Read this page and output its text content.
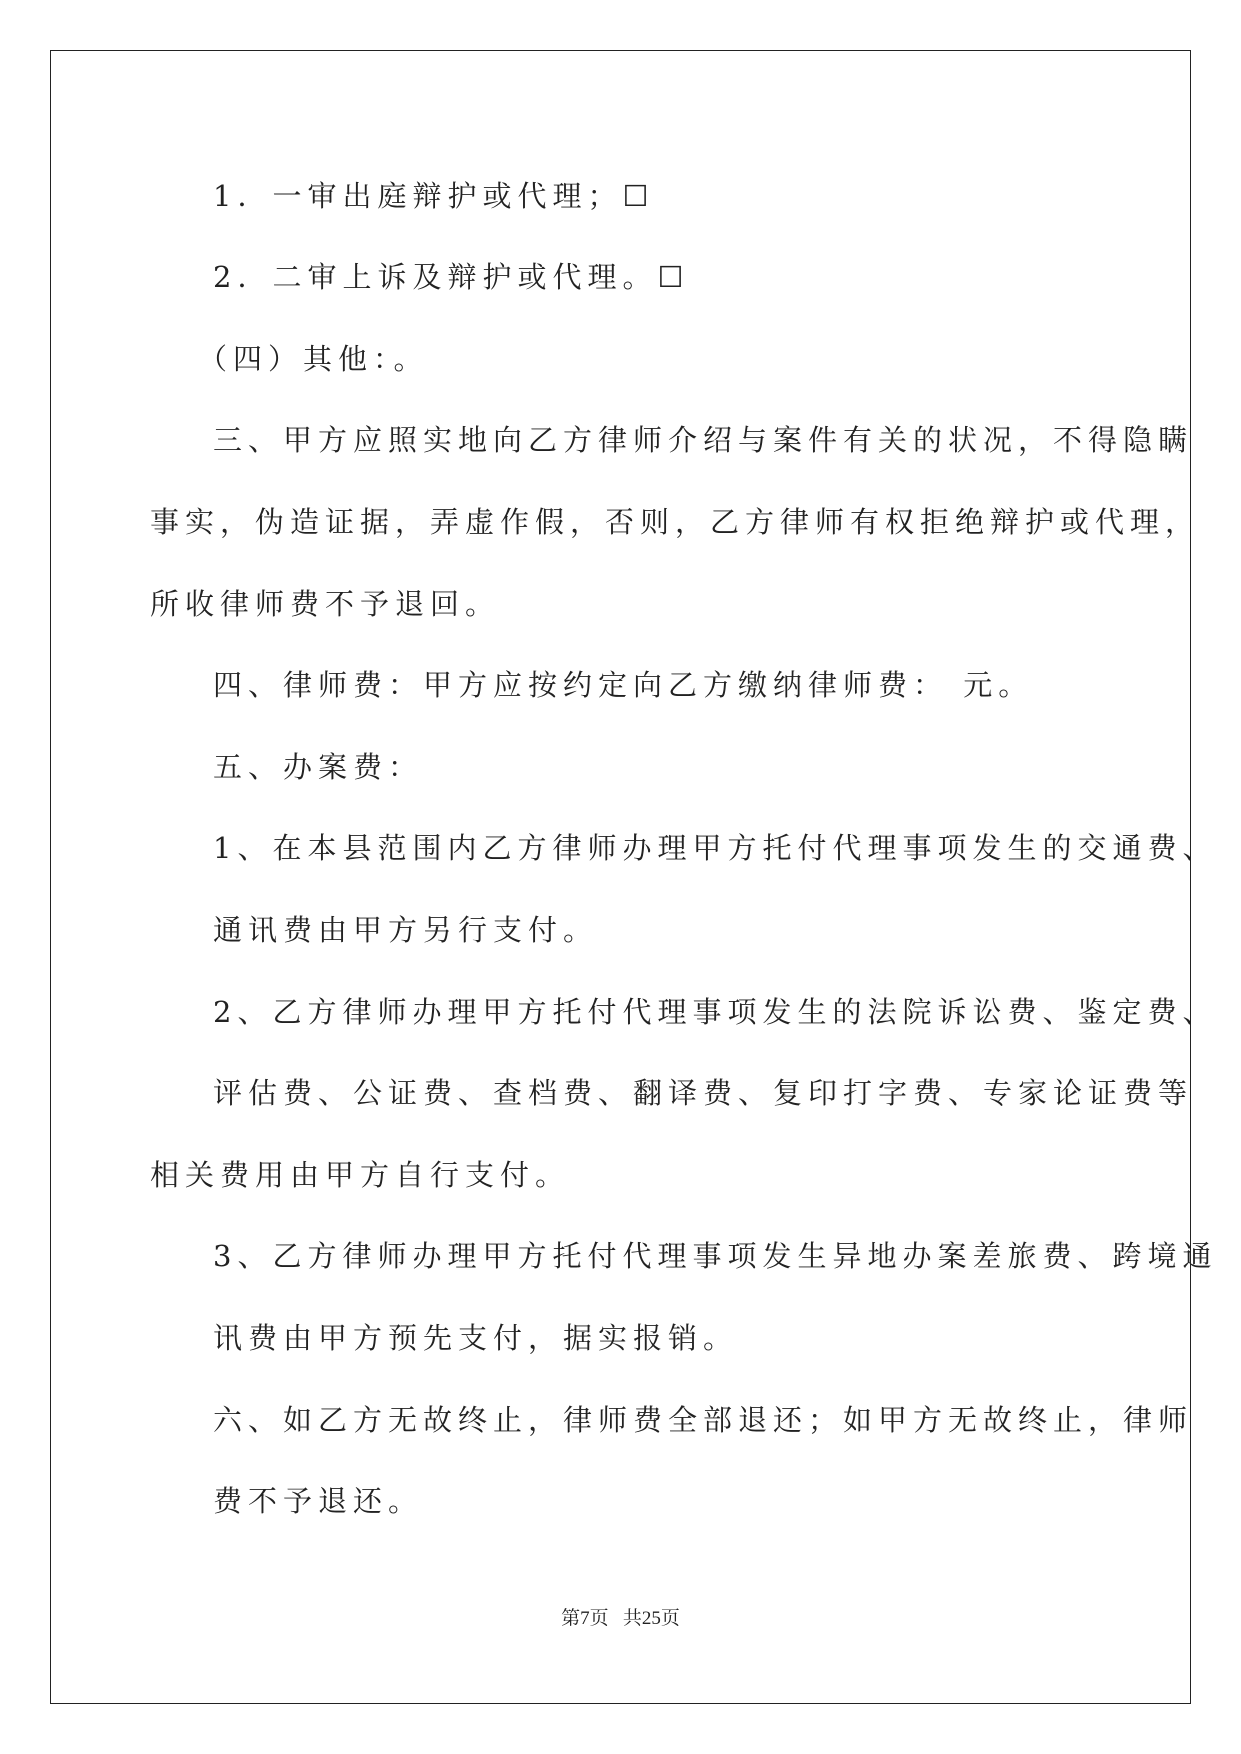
1．一审出庭辩护或代理；☐

2．二审上诉及辩护或代理。☐

（四）其他：。

三、甲方应照实地向乙方律师介绍与案件有关的状况，不得隐瞒

事实，伪造证据，弄虚作假，否则，乙方律师有权拒绝辩护或代理，

所收律师费不予退回。

四、律师费：甲方应按约定向乙方缴纳律师费： 元。

五、办案费：

1、在本县范围内乙方律师办理甲方托付代理事项发生的交通费、

通讯费由甲方另行支付。

2、乙方律师办理甲方托付代理事项发生的法院诉讼费、鉴定费、

评估费、公证费、查档费、翻译费、复印打字费、专家论证费等

相关费用由甲方自行支付。

3、乙方律师办理甲方托付代理事项发生异地办案差旅费、跨境通

讯费由甲方预先支付，据实报销。

六、如乙方无故终止，律师费全部退还；如甲方无故终止，律师

费不予退还。

第7页   共25页
